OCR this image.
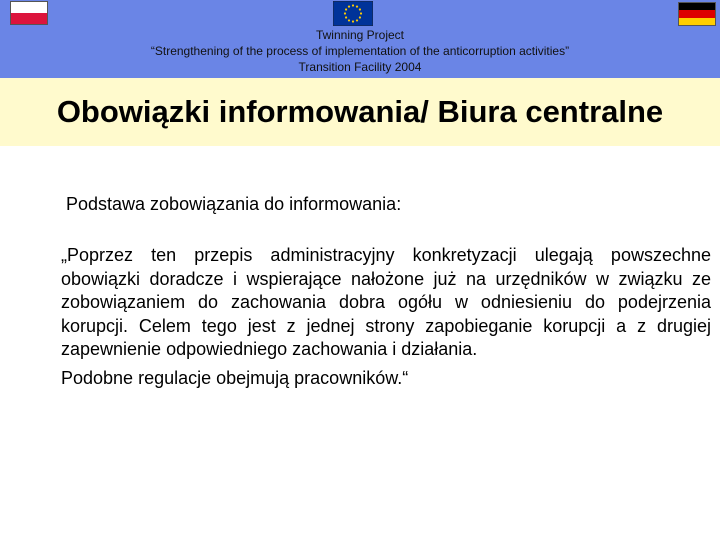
Twinning Project
“Strengthening of the process of implementation of the anticorruption activities”
Transition Facility 2004
Obowiązki informowania/ Biura centralne

Podstawa zobowiązania do informowania:

„Poprzez ten przepis administracyjny konkretyzacji ulegają powszechne obowiązki doradcze i wspierające nałożone już na urzędników w związku ze zobowiązaniem do zachowania dobra ogółu w odniesieniu do podejrzenia korupcji. Celem tego jest z jednej strony zapobieganie korupcji a z drugiej zapewnienie odpowiedniego zachowania i działania.
Podobne regulacje obejmują pracowników.“
